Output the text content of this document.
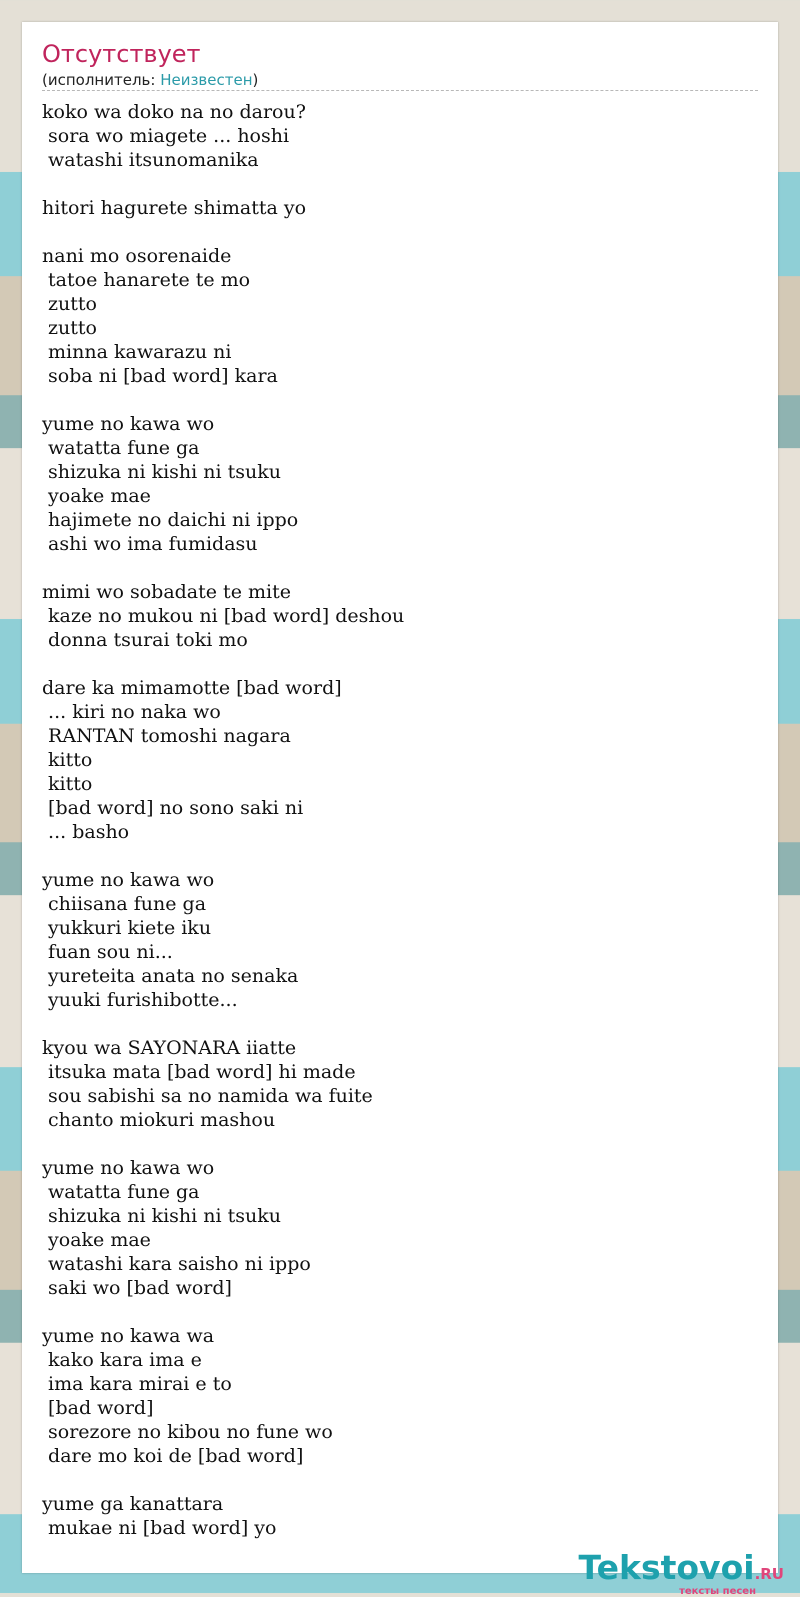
Отсутствует
(исполнитель: Неизвестен)
koko wa doko na no darou?
sora wo miagete ... hoshi
watashi itsunomanika

hitori hagurete shimatta yo

nani mo osorenaide
tatoe hanarete te mo
zutto
zutto
minna kawarazu ni
soba ni [bad word] kara

yume no kawa wo
watatta fune ga
shizuka ni kishi ni tsuku
yoake mae
hajimete no daichi ni ippo
ashi wo ima fumidasu

mimi wo sobadate te mite
kaze no mukou ni [bad word] deshou
donna tsurai toki mo

dare ka mimamotte [bad word]
... kiri no naka wo
RANTAN tomoshi nagara
kitto
kitto
[bad word] no sono saki ni
... basho

yume no kawa wo
chiisana fune ga
yukkuri kiete iku
fuan sou ni...
yureteita anata no senaka
yuuki furishibotte...

kyou wa SAYONARA iiatte
itsuka mata [bad word] hi made
sou sabishi sa no namida wa fuite
chanto miokuri mashou

yume no kawa wo
watatta fune ga
shizuka ni kishi ni tsuku
yoake mae
watashi kara saisho ni ippo
saki wo [bad word]

yume no kawa wa
kako kara ima e
ima kara mirai e to
[bad word]
sorezore no kibou no fune wo
dare mo koi de [bad word]

yume ga kanattara
mukae ni [bad word] yo
Tekstovoi.RU
тексты песен
